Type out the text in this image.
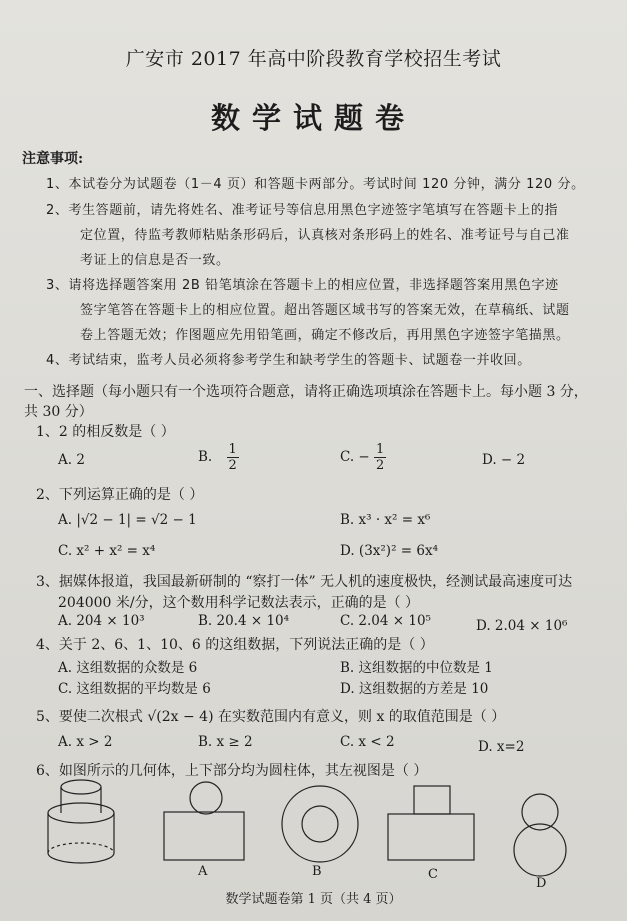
广安市 2017 年高中阶段教育学校招生考试
数学试题卷
注意事项:
1、本试卷分为试题卷（1－4 页）和答题卡两部分。考试时间 120 分钟，满分 120 分。
2、考生答题前，请先将姓名、准考证号等信息用黑色字迹签字笔填写在答题卡上的指
定位置，待监考教师粘贴条形码后，认真核对条形码上的姓名、准考证号与自己准
考证上的信息是否一致。
3、请将选择题答案用 2B 铅笔填涂在答题卡上的相应位置，非选择题答案用黑色字迹
签字笔答在答题卡上的相应位置。超出答题区域书写的答案无效，在草稿纸、试题
卷上答题无效；作图题应先用铅笔画，确定不修改后，再用黑色字迹签字笔描黑。
4、考试结束，监考人员必须将参考学生和缺考学生的答题卡、试题卷一并收回。
一、选择题（每小题只有一个选项符合题意，请将正确选项填涂在答题卡上。每小题 3 分，
共 30 分）
1、2 的相反数是（ ）
A. 2	B. $\frac{1}{2}$	C. − $\frac{1}{2}$	D. − 2
2、下列运算正确的是（ ）
A. |√2 − 1| = √2 − 1	B. x³ · x² = x⁶
C. x² + x² = x⁴	D. (3x²)² = 6x⁴
3、据媒体报道，我国最新研制的 “察打一体” 无人机的速度极快，经测试最高速度可达
204000 米/分，这个数用科学记数法表示，正确的是（ ）
A. 204 × 10³	B. 20.4 × 10⁴	C. 2.04 × 10⁵	D. 2.04 × 10⁶
4、关于 2、6、1、10、6 的这组数据，下列说法正确的是（ ）
A. 这组数据的众数是 6	B. 这组数据的中位数是 1
C. 这组数据的平均数是 6	D. 这组数据的方差是 10
5、要使二次根式 √(2x − 4) 在实数范围内有意义，则 x 的取值范围是（ ）
A. x > 2	B. x ≥ 2	C. x < 2	D. x=2
6、如图所示的几何体，上下部分均为圆柱体，其左视图是（ ）
A	B	C
D
数学试题卷第 1 页（共 4 页）
